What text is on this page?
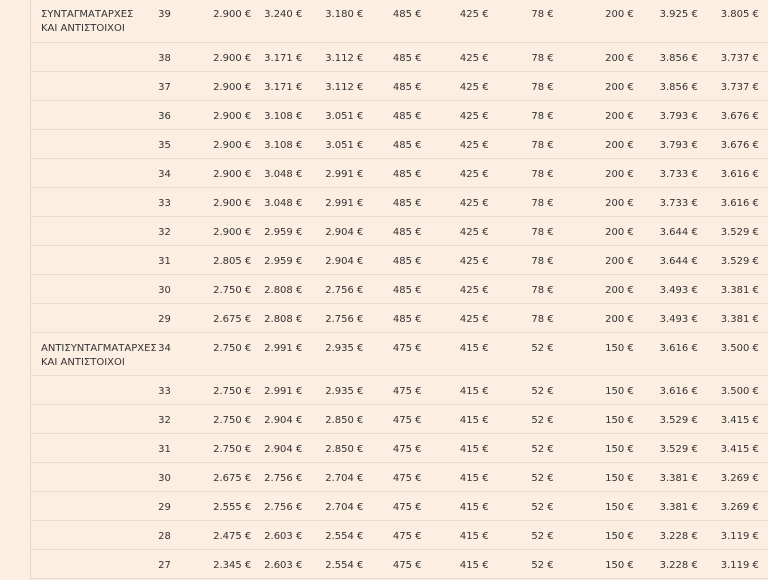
ΣΥΝΤΑΓΜΑΤΑΡΧΕΣ ΚΑΙ ΑΝΤΙΣΤΟΙΧΟΙ	39	2.900 €	3.240 €	3.180 €	485 €	425 €	78 €	200 €	3.925 €	3.805 €	
	38	2.900 €	3.171 €	3.112 €	485 €	425 €	78 €	200 €	3.856 €	3.737 €	
	37	2.900 €	3.171 €	3.112 €	485 €	425 €	78 €	200 €	3.856 €	3.737 €	
	36	2.900 €	3.108 €	3.051 €	485 €	425 €	78 €	200 €	3.793 €	3.676 €	
	35	2.900 €	3.108 €	3.051 €	485 €	425 €	78 €	200 €	3.793 €	3.676 €	
	34	2.900 €	3.048 €	2.991 €	485 €	425 €	78 €	200 €	3.733 €	3.616 €	
	33	2.900 €	3.048 €	2.991 €	485 €	425 €	78 €	200 €	3.733 €	3.616 €	
	32	2.900 €	2.959 €	2.904 €	485 €	425 €	78 €	200 €	3.644 €	3.529 €	
	31	2.805 €	2.959 €	2.904 €	485 €	425 €	78 €	200 €	3.644 €	3.529 €	
	30	2.750 €	2.808 €	2.756 €	485 €	425 €	78 €	200 €	3.493 €	3.381 €	
	29	2.675 €	2.808 €	2.756 €	485 €	425 €	78 €	200 €	3.493 €	3.381 €	
ΑΝΤΙΣΥΝΤΑΓΜΑΤΑΡΧΕΣ ΚΑΙ ΑΝΤΙΣΤΟΙΧΟΙ	34	2.750 €	2.991 €	2.935 €	475 €	415 €	52 €	150 €	3.616 €	3.500 €	
	33	2.750 €	2.991 €	2.935 €	475 €	415 €	52 €	150 €	3.616 €	3.500 €	
	32	2.750 €	2.904 €	2.850 €	475 €	415 €	52 €	150 €	3.529 €	3.415 €	
	31	2.750 €	2.904 €	2.850 €	475 €	415 €	52 €	150 €	3.529 €	3.415 €	
	30	2.675 €	2.756 €	2.704 €	475 €	415 €	52 €	150 €	3.381 €	3.269 €	
	29	2.555 €	2.756 €	2.704 €	475 €	415 €	52 €	150 €	3.381 €	3.269 €	
	28	2.475 €	2.603 €	2.554 €	475 €	415 €	52 €	150 €	3.228 €	3.119 €	
	27	2.345 €	2.603 €	2.554 €	475 €	415 €	52 €	150 €	3.228 €	3.119 €	
